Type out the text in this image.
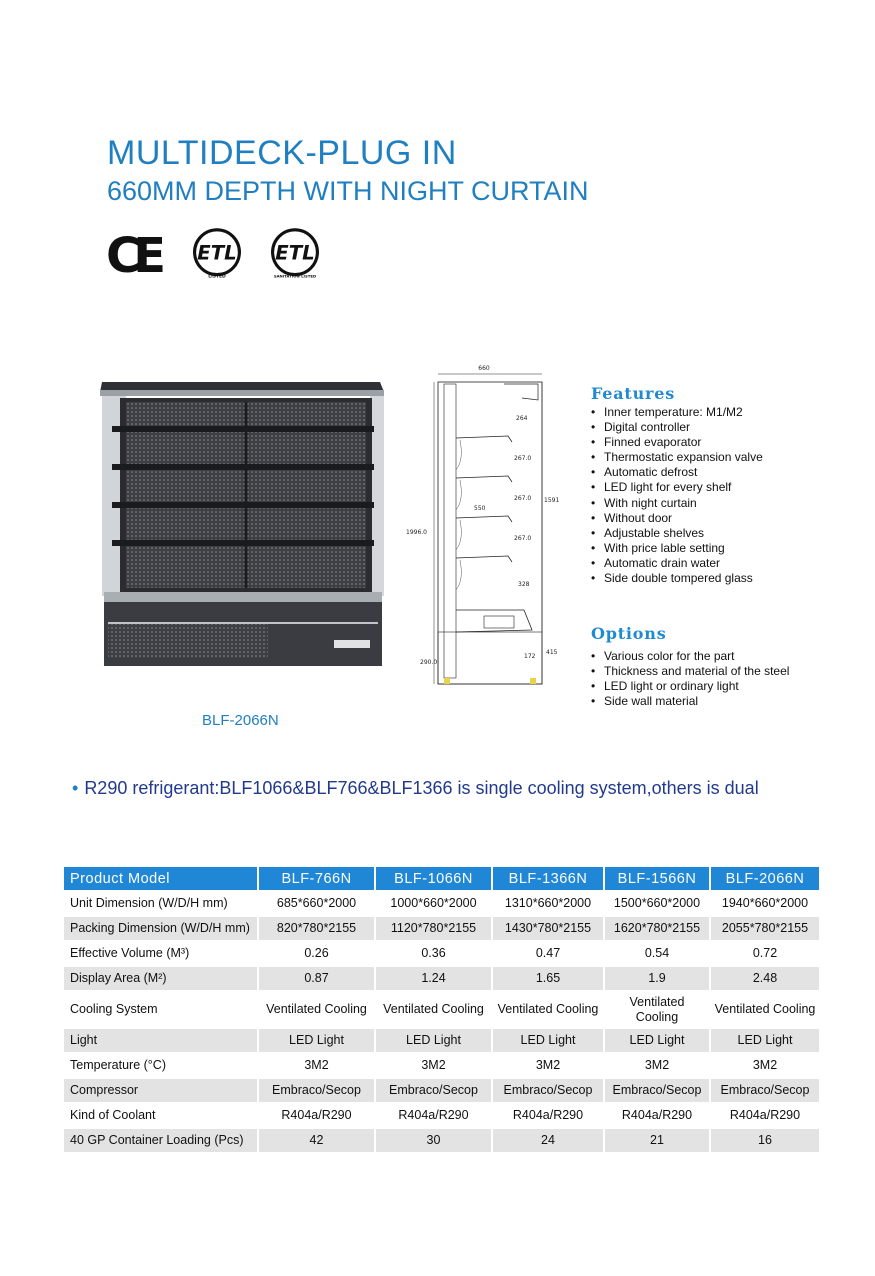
MULTIDECK-PLUG IN
660MM DEPTH WITH NIGHT CURTAIN
CE ETL
LISTED
ETL
SANITATION LISTED
BLF-2066N
660
264
267.0
267.0
267.0
328
1996.0
1591
550
290.0
415
172
Features
• Inner temperature: M1/M2
• Digital controller
• Finned evaporator
• Thermostatic expansion valve
• Automatic defrost
• LED light for every shelf
• With night curtain
• Without door
• Adjustable shelves
• With price lable setting
• Automatic drain water
• Side double tompered glass
Options
• Various color for the part
• Thickness and material of the steel
• LED light or ordinary light
• Side wall material
• R290 refrigerant:BLF1066&BLF766&BLF1366 is single cooling system,others is dual
Product Model	BLF-766N	BLF-1066N	BLF-1366N	BLF-1566N	BLF-2066N
Unit Dimension (W/D/H mm)	685*660*2000	1000*660*2000	1310*660*2000	1500*660*2000	1940*660*2000
Packing Dimension (W/D/H mm)	820*780*2155	1120*780*2155	1430*780*2155	1620*780*2155	2055*780*2155
Effective Volume (M³)	0.26	0.36	0.47	0.54	0.72
Display Area (M²)	0.87	1.24	1.65	1.9	2.48
Cooling System	Ventilated Cooling	Ventilated Cooling	Ventilated Cooling	Ventilated Cooling	Ventilated Cooling
Light	LED Light	LED Light	LED Light	LED Light	LED Light
Temperature (°C)	3M2	3M2	3M2	3M2	3M2
Compressor	Embraco/Secop	Embraco/Secop	Embraco/Secop	Embraco/Secop	Embraco/Secop
Kind of Coolant	R404a/R290	R404a/R290	R404a/R290	R404a/R290	R404a/R290
40 GP Container Loading (Pcs)	42	30	24	21	16
